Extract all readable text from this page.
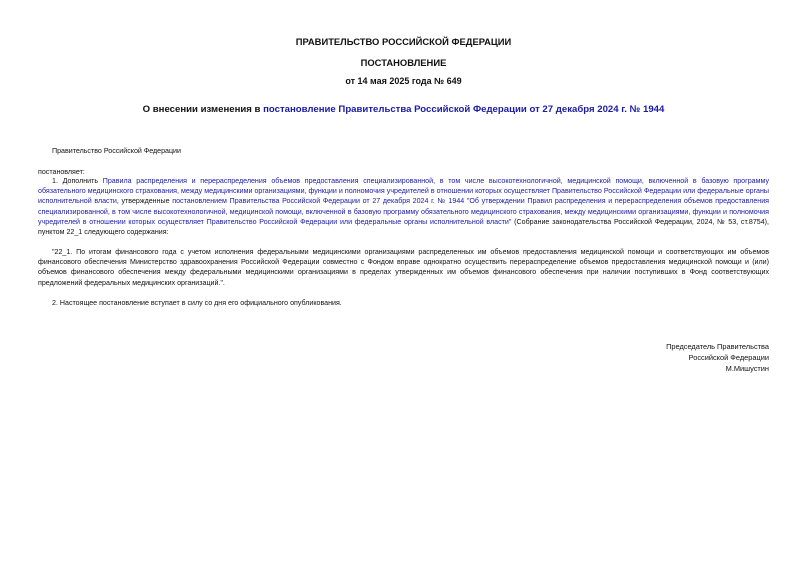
ПРАВИТЕЛЬСТВО РОССИЙСКОЙ ФЕДЕРАЦИИ
ПОСТАНОВЛЕНИЕ
от 14 мая 2025 года № 649
О внесении изменения в постановление Правительства Российской Федерации от 27 декабря 2024 г. № 1944
Правительство Российской Федерации
постановляет:
1. Дополнить Правила распределения и перераспределения объемов предоставления специализированной, в том числе высокотехнологичной, медицинской помощи, включенной в базовую программу обязательного медицинского страхования, между медицинскими организациями, функции и полномочия учредителей в отношении которых осуществляет Правительство Российской Федерации или федеральные органы исполнительной власти, утвержденные постановлением Правительства Российской Федерации от 27 декабря 2024 г. № 1944 "Об утверждении Правил распределения и перераспределения объемов предоставления специализированной, в том числе высокотехнологичной, медицинской помощи, включенной в базовую программу обязательного медицинского страхования, между медицинскими организациями, функции и полномочия учредителей в отношении которых осуществляет Правительство Российской Федерации или федеральные органы исполнительной власти" (Собрание законодательства Российской Федерации, 2024, № 53, ст.8754), пунктом 22_1 следующего содержания:
"22_1. По итогам финансового года с учетом исполнения федеральными медицинскими организациями распределенных им объемов предоставления медицинской помощи и соответствующих им объемов финансового обеспечения Министерство здравоохранения Российской Федерации совместно с Фондом вправе однократно осуществить перераспределение объемов предоставления медицинской помощи и (или) объемов финансового обеспечения между федеральными медицинскими организациями в пределах утвержденных им объемов финансового обеспечения при наличии поступивших в Фонд соответствующих предложений федеральных медицинских организаций.".
2. Настоящее постановление вступает в силу со дня его официального опубликования.
Председатель Правительства
Российской Федерации
М.Мишустин
